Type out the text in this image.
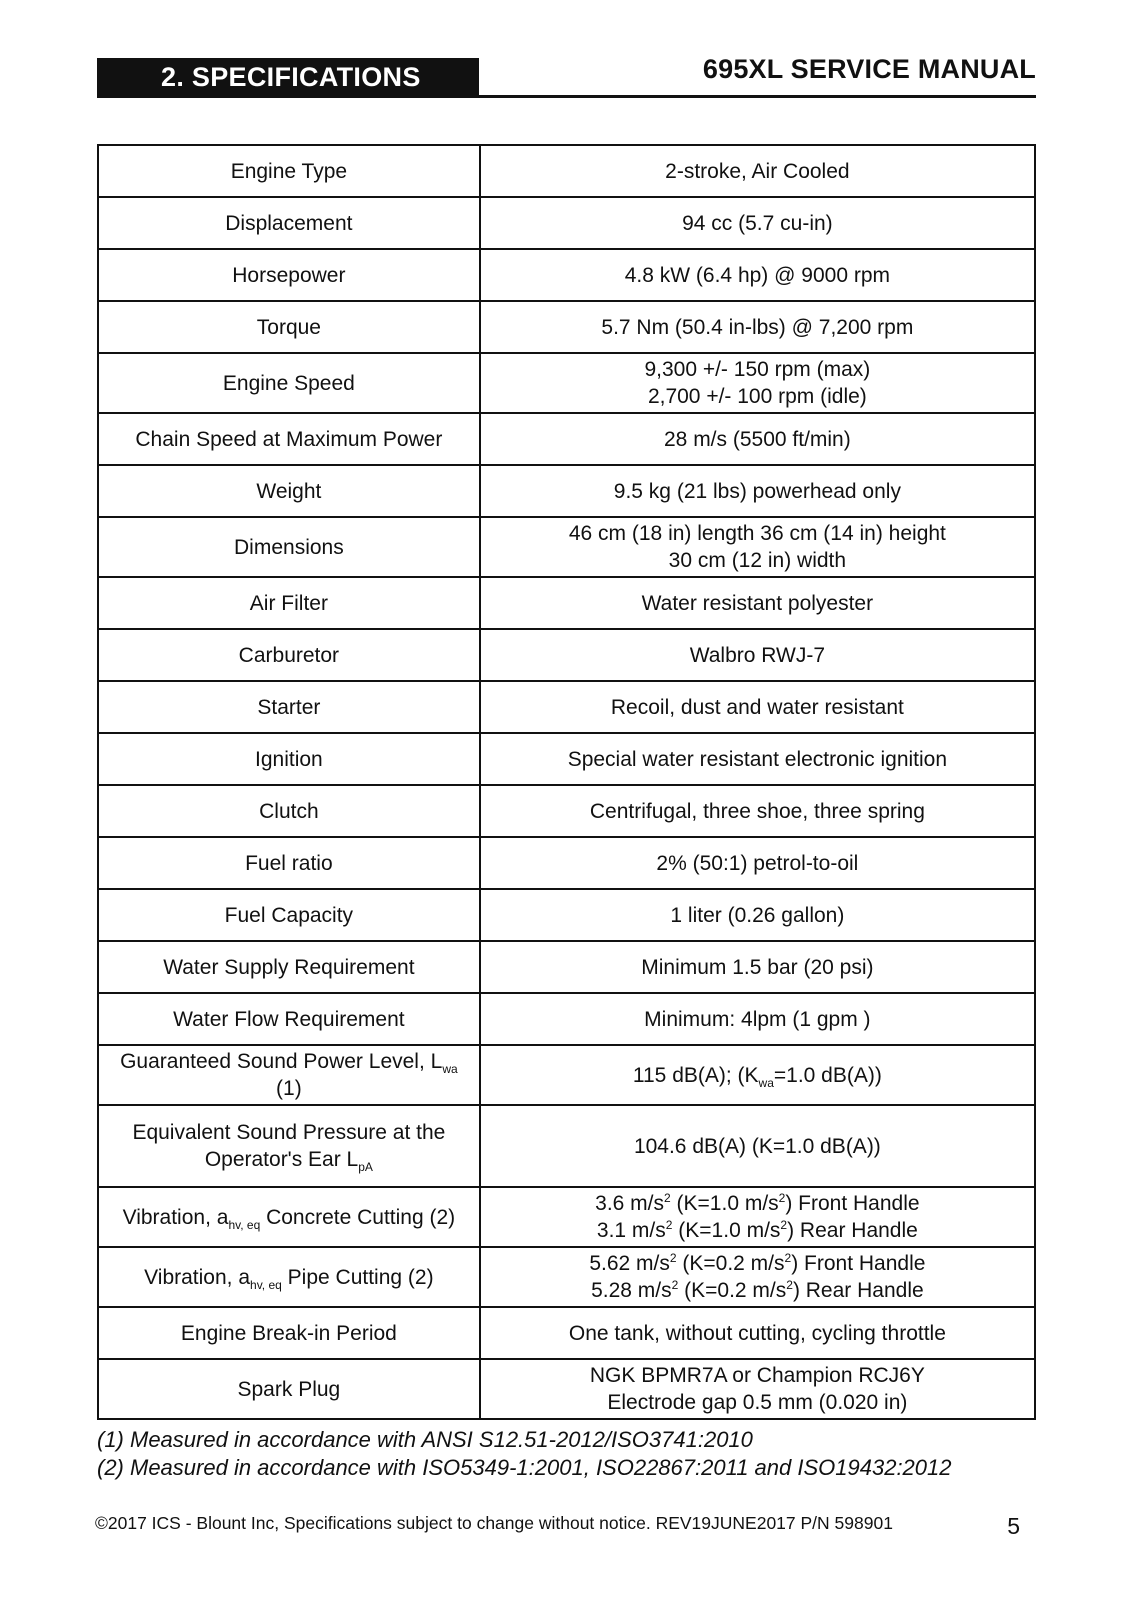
2. SPECIFICATIONS	695XL SERVICE MANUAL
Engine Type	2-stroke, Air Cooled
Displacement	94 cc (5.7 cu-in)
Horsepower	4.8 kW (6.4 hp) @ 9000 rpm
Torque	5.7 Nm (50.4 in-lbs) @ 7,200 rpm
Engine Speed	9,300 +/- 150 rpm (max)
2,700 +/- 100 rpm (idle)

Chain Speed at Maximum Power	28 m/s (5500 ft/min)
Weight	9.5 kg (21 lbs) powerhead only
Dimensions	46 cm (18 in) length 36 cm (14 in) height
30 cm (12 in) width

Air Filter	Water resistant polyester
Carburetor	Walbro RWJ-7
Starter	Recoil, dust and water resistant
Ignition	Special water resistant electronic ignition
Clutch	Centrifugal, three shoe, three spring
Fuel ratio	2% (50:1) petrol-to-oil
Fuel Capacity	1 liter (0.26 gallon)
Water Supply Requirement	Minimum 1.5 bar (20 psi)
Water Flow Requirement	Minimum: 4lpm (1 gpm )

Guaranteed Sound Power Level, $L_{wa}$
(1)	115 dB(A); ($K_{wa}=1.0$ dB(A))

Equivalent Sound Pressure at the
Operator's Ear $L_{pA}$	104.6 dB(A) (K=1.0 dB(A))
Vibration, $a_{hv, eq}$ Concrete Cutting (2)	3.6 $m/s^2$ (K=1.0 $m/s^2$) Front Handle
3.1 $m/s^2$ (K=1.0 $m/s^2$) Rear Handle

Vibration, $a_{hv, eq}$ Pipe Cutting (2)	5.62 $m/s^2$ (K=0.2 $m/s^2$) Front Handle
5.28 $m/s^2$ (K=0.2 $m/s^2$) Rear Handle

Engine Break-in Period	One tank, without cutting, cycling throttle
Spark Plug	NGK BPMR7A or Champion RCJ6Y
Electrode gap 0.5 mm (0.020 in)
(1) Measured in accordance with ANSI S12.51-2012/ISO3741:2010
(2) Measured in accordance with ISO5349-1:2001, ISO22867:2011 and ISO19432:2012
©2017 ICS - Blount Inc, Specifications subject to change without notice. REV19JUNE2017 P/N 598901	5
